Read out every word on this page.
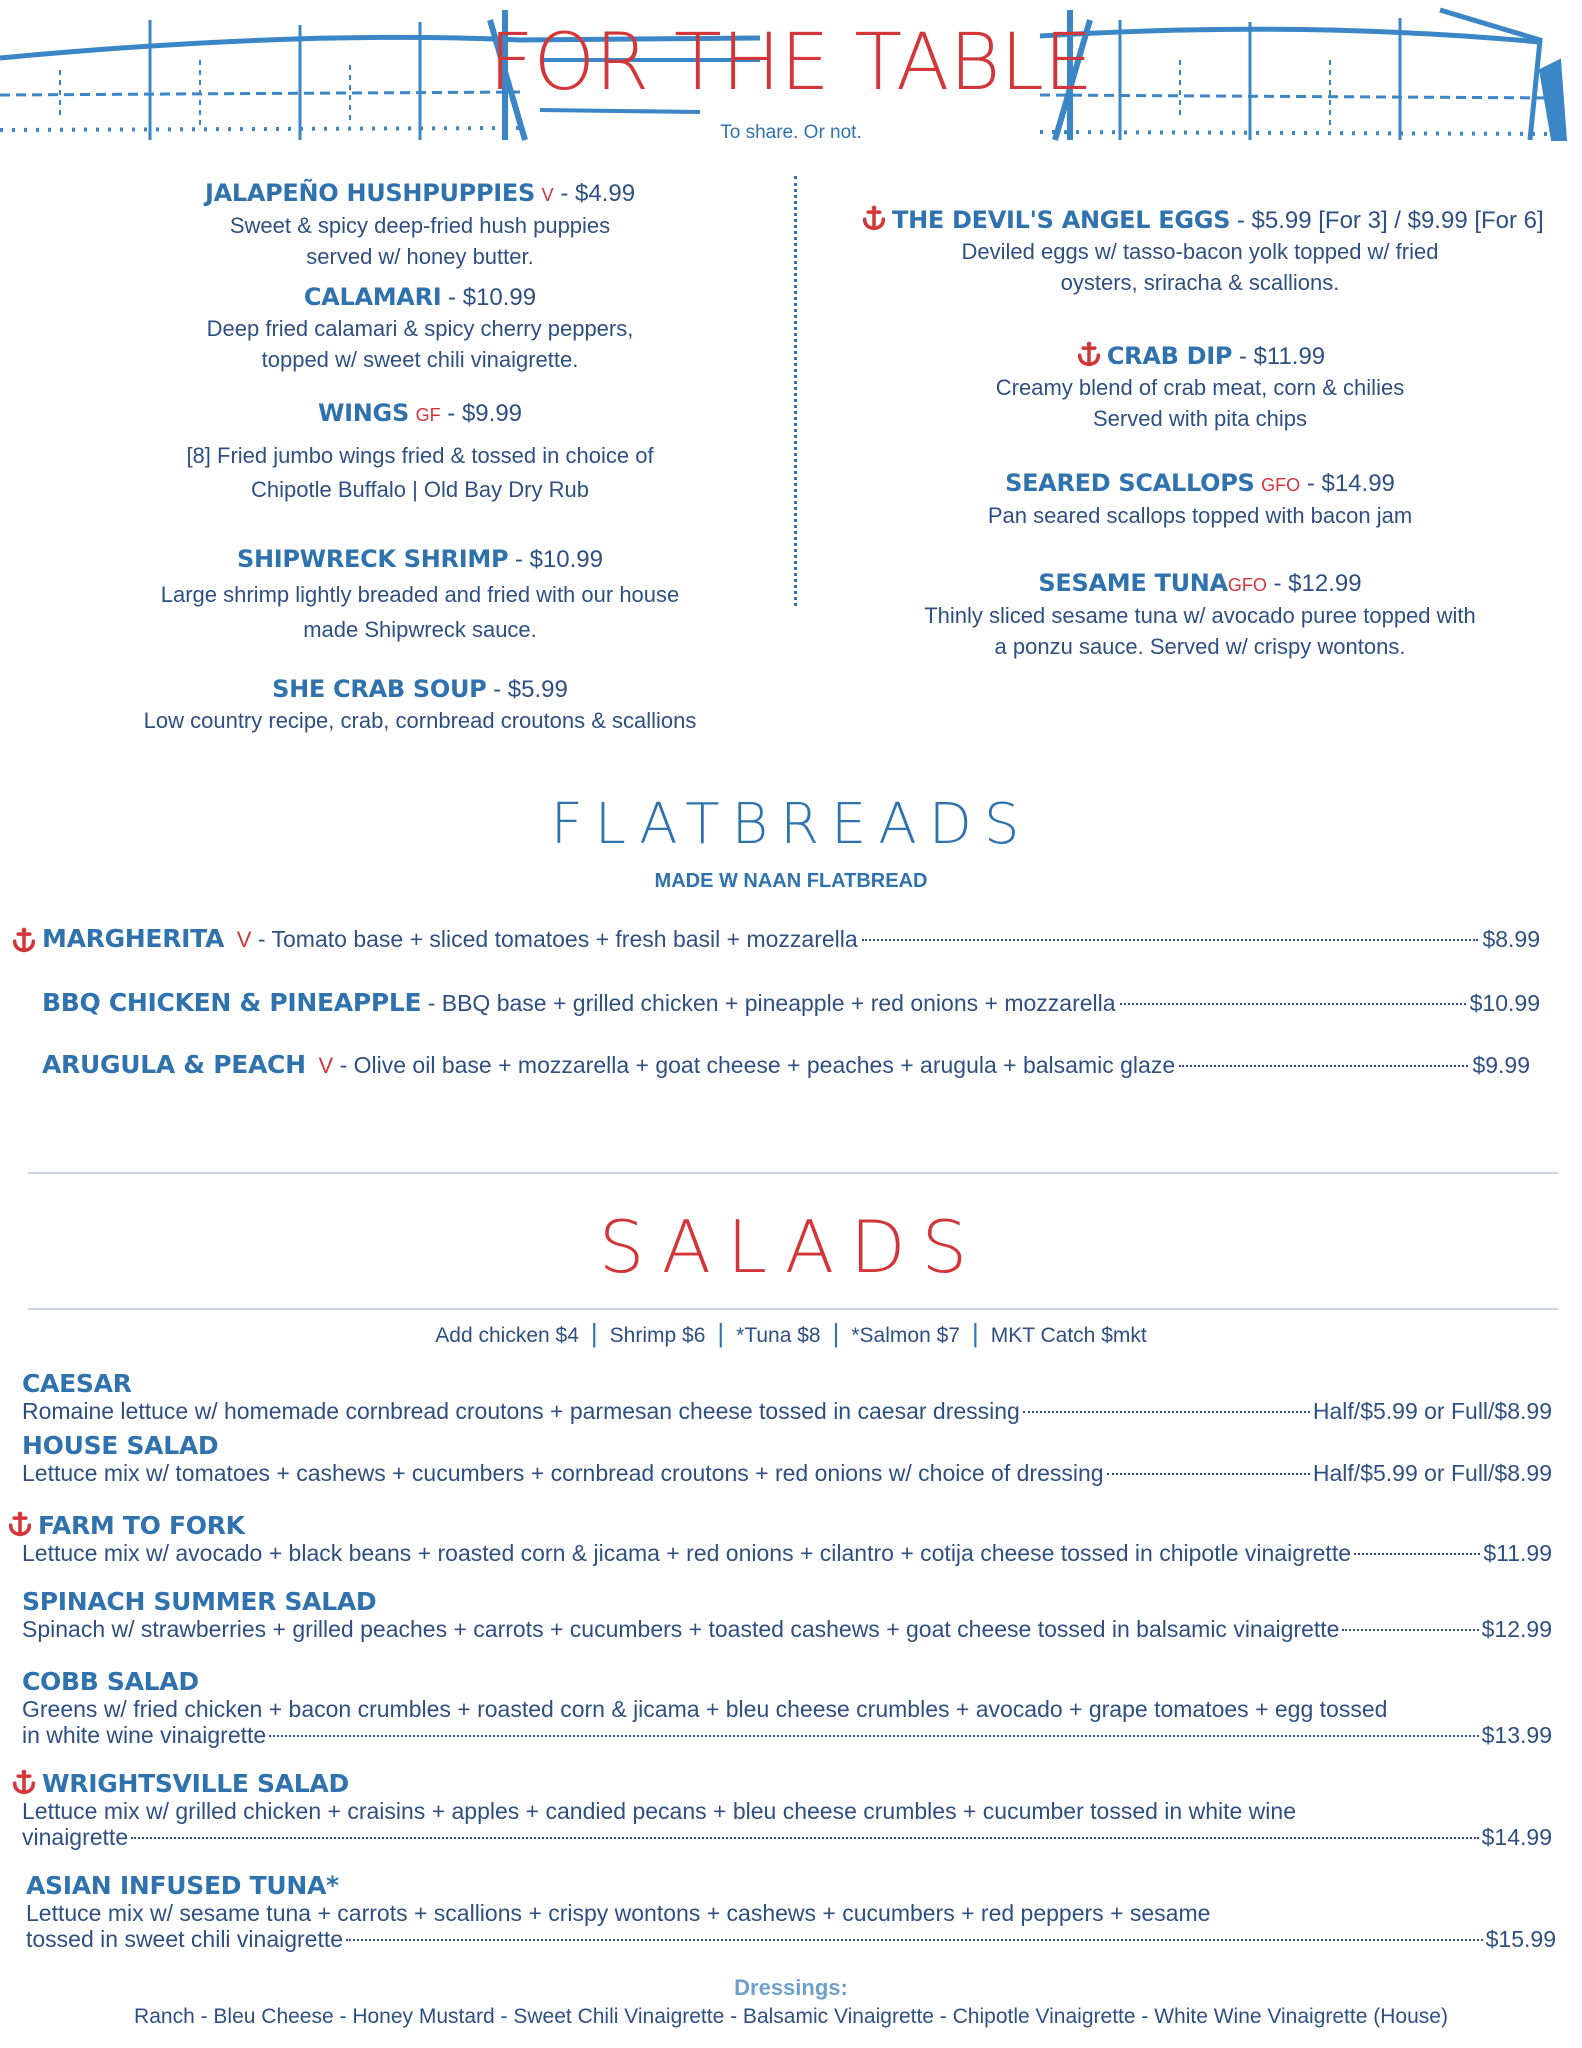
FOR THE TABLE
To share. Or not.
JALAPEÑO HUSHPUPPIES V - $4.99
Sweet & spicy deep-fried hush puppies
served w/ honey butter.
CALAMARI - $10.99
Deep fried calamari & spicy cherry peppers,
topped w/ sweet chili vinaigrette.
WINGS GF - $9.99
[8] Fried jumbo wings fried & tossed in choice of
Chipotle Buffalo | Old Bay Dry Rub
SHIPWRECK SHRIMP - $10.99
Large shrimp lightly breaded and fried with our house
made Shipwreck sauce.
SHE CRAB SOUP - $5.99
Low country recipe, crab, cornbread croutons & scallions
THE DEVIL'S ANGEL EGGS - $5.99 [For 3] / $9.99 [For 6]
Deviled eggs w/ tasso-bacon yolk topped w/ fried
oysters, sriracha & scallions.
CRAB DIP - $11.99
Creamy blend of crab meat, corn & chilies
Served with pita chips
SEARED SCALLOPS GFO - $14.99
Pan seared scallops topped with bacon jam
SESAME TUNAGFO - $12.99
Thinly sliced sesame tuna w/ avocado puree topped with
a ponzu sauce. Served w/ crispy wontons.
FLATBREADS
MADE W NAAN FLATBREAD
MARGHERITA
V
- Tomato base + sliced tomatoes + fresh basil + mozzarella	$8.99
BBQ CHICKEN & PINEAPPLE
- BBQ base + grilled chicken + pineapple + red onions + mozzarella	$10.99
ARUGULA & PEACH
V
- Olive oil base + mozzarella + goat cheese + peaches + arugula + balsamic glaze	$9.99
SALADS
Add chicken $4 | Shrimp $6 | *Tuna $8 | *Salmon $7 | MKT Catch $mkt
CAESAR
Romaine lettuce w/ homemade cornbread croutons + parmesan cheese tossed in caesar dressing	Half/$5.99 or Full/$8.99
HOUSE SALAD
Lettuce mix w/ tomatoes + cashews + cucumbers + cornbread croutons + red onions w/ choice of dressing	Half/$5.99 or Full/$8.99
FARM TO FORK
Lettuce mix w/ avocado + black beans + roasted corn & jicama + red onions + cilantro + cotija cheese tossed in chipotle vinaigrette	$11.99
SPINACH SUMMER SALAD
Spinach w/ strawberries + grilled peaches + carrots + cucumbers + toasted cashews + goat cheese tossed in balsamic vinaigrette	$12.99
COBB SALAD
Greens w/ fried chicken + bacon crumbles + roasted corn & jicama + bleu cheese crumbles + avocado + grape tomatoes + egg tossed
in white wine vinaigrette	$13.99
WRIGHTSVILLE SALAD
Lettuce mix w/ grilled chicken + craisins + apples + candied pecans + bleu cheese crumbles + cucumber tossed in white wine
vinaigrette	$14.99
ASIAN INFUSED TUNA*
Lettuce mix w/ sesame tuna + carrots + scallions + crispy wontons + cashews + cucumbers + red peppers + sesame
tossed in sweet chili vinaigrette	$15.99
Dressings:
Ranch - Bleu Cheese - Honey Mustard - Sweet Chili Vinaigrette - Balsamic Vinaigrette - Chipotle Vinaigrette - White Wine Vinaigrette (House)
